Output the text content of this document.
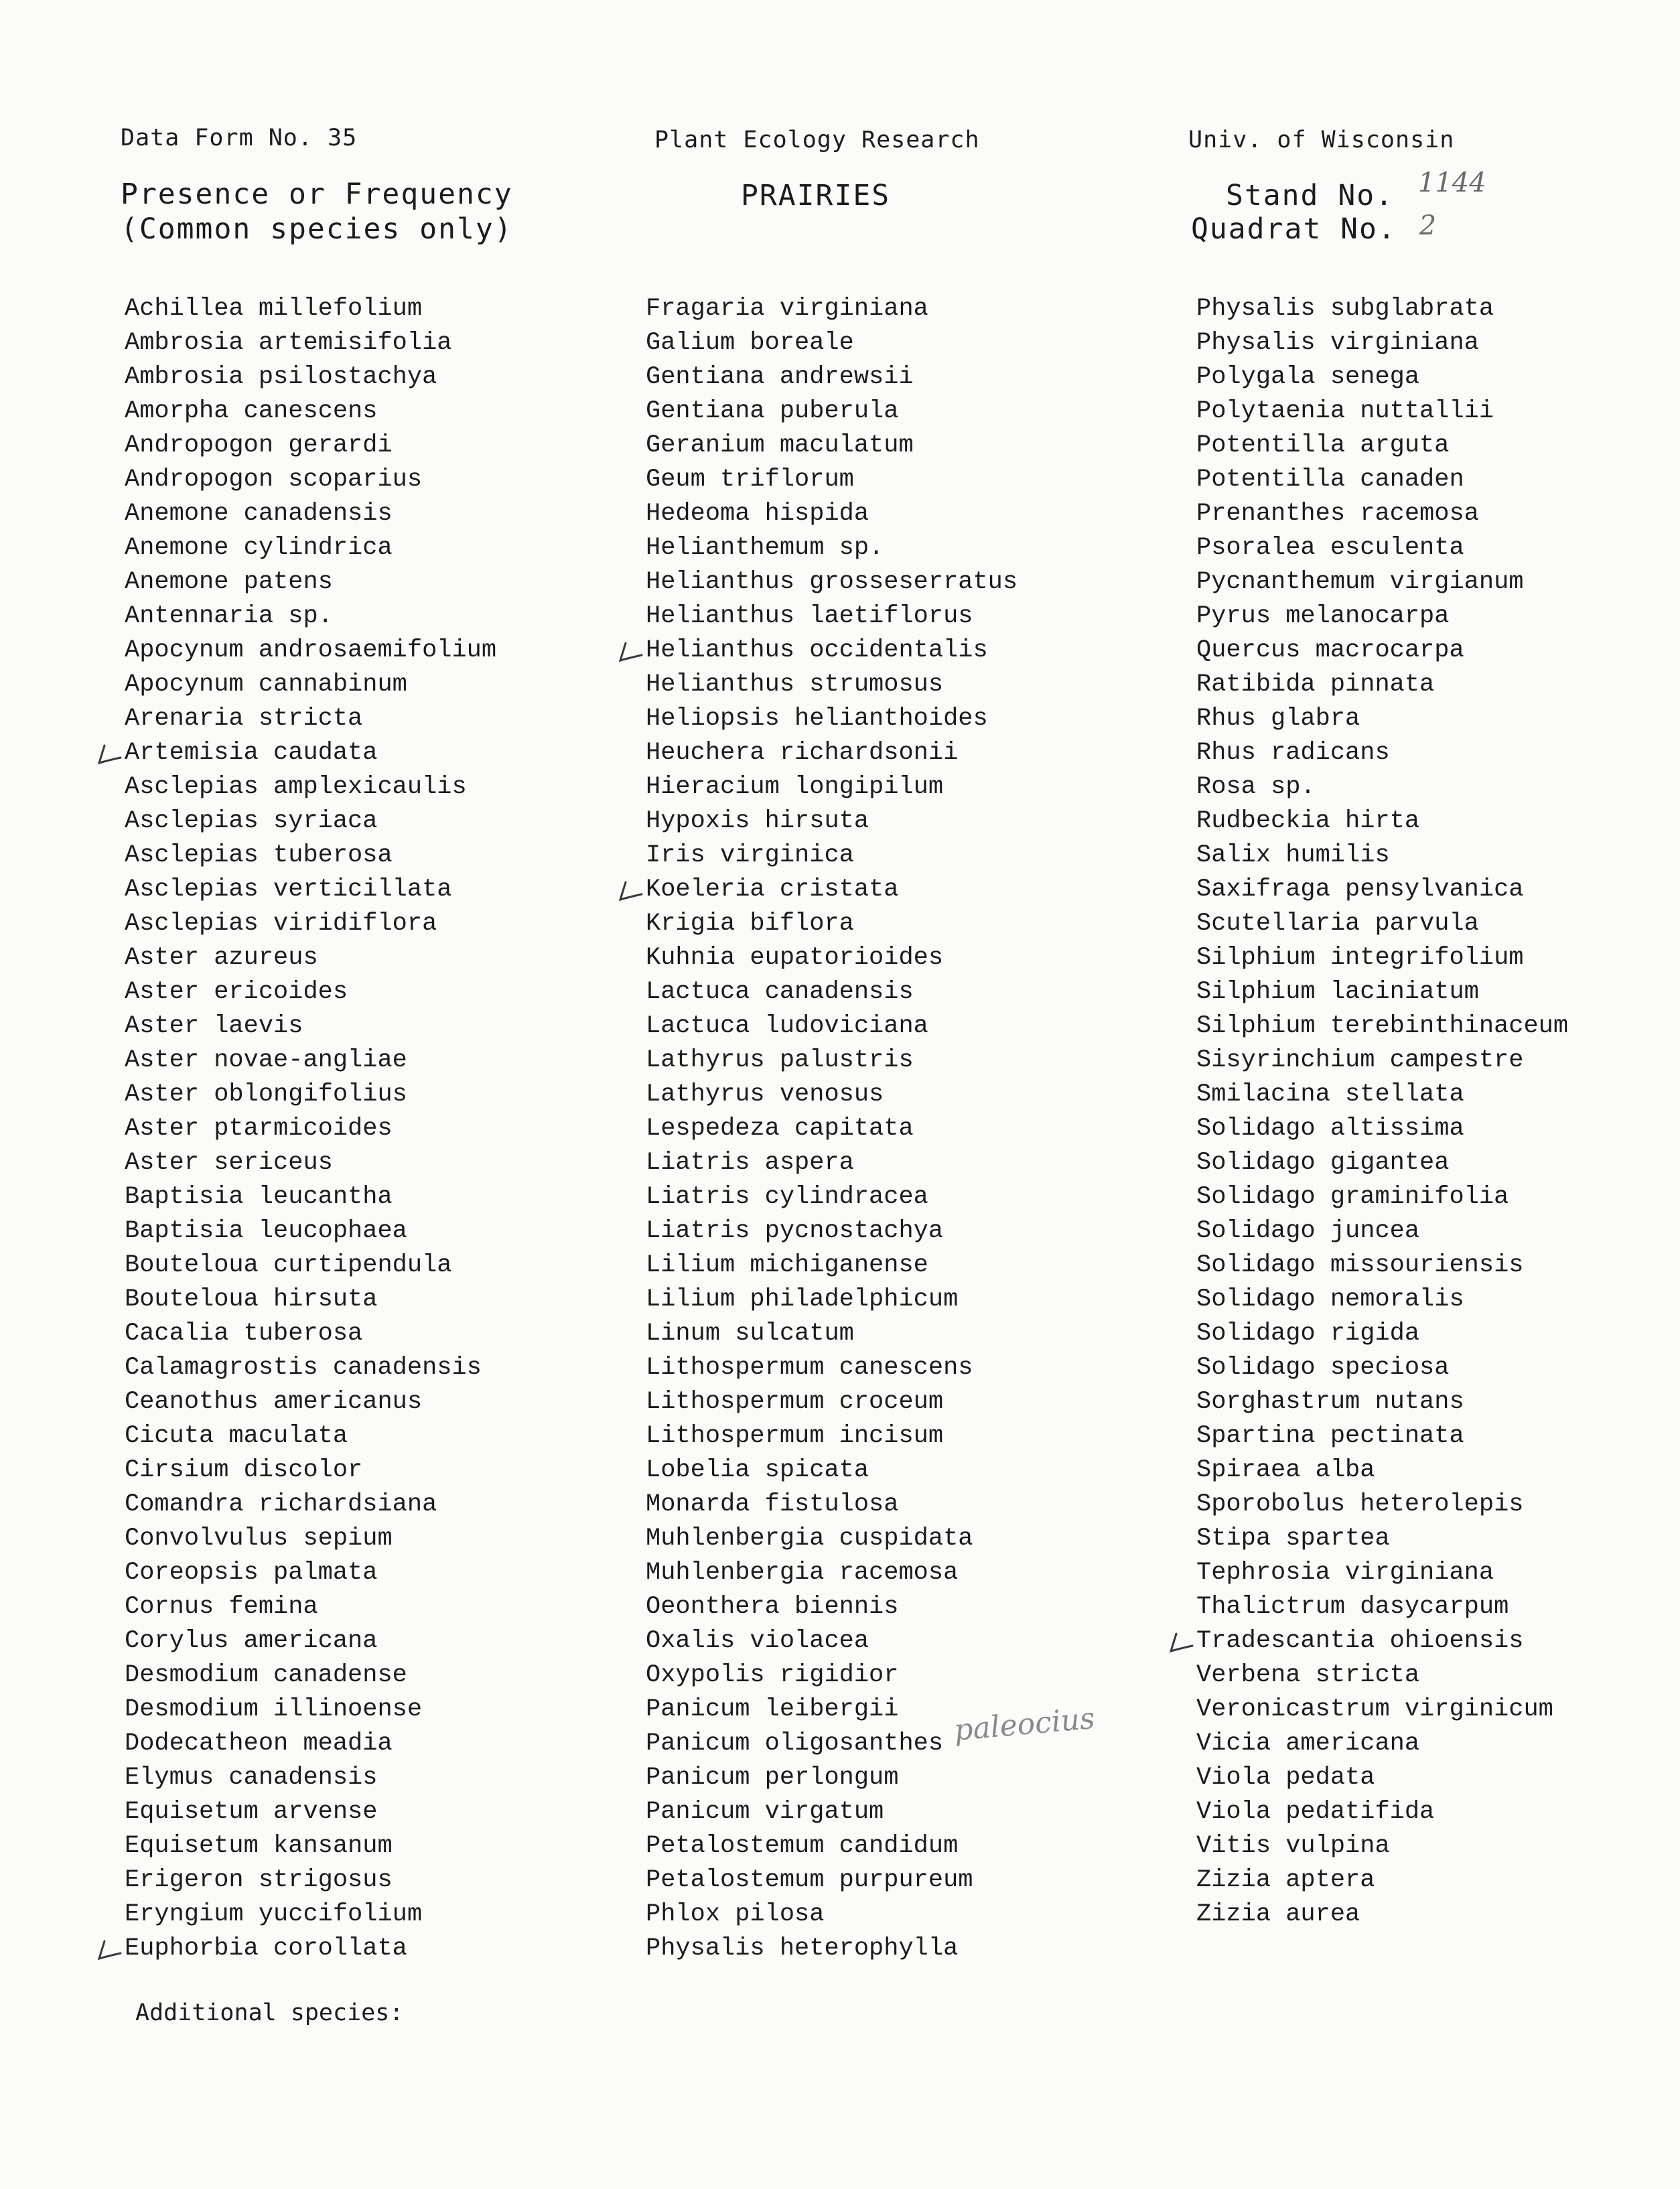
Data Form No. 35	Plant Ecology Research	Univ. of Wisconsin
Presence or Frequency
(Common species only)
PRAIRIES	Stand No. 1144
Quadrat No. 2
Achillea millefolium
Ambrosia artemisifolia
Ambrosia psilostachya
Amorpha canescens
Andropogon gerardi
Andropogon scoparius
Anemone canadensis
Anemone cylindrica
Anemone patens
Antennaria sp.
Apocynum androsaemifolium
Apocynum cannabinum
Arenaria stricta
Artemisia caudata
Asclepias amplexicaulis
Asclepias syriaca
Asclepias tuberosa
Asclepias verticillata
Asclepias viridiflora
Aster azureus
Aster ericoides
Aster laevis
Aster novae-angliae
Aster oblongifolius
Aster ptarmicoides
Aster sericeus
Baptisia leucantha
Baptisia leucophaea
Bouteloua curtipendula
Bouteloua hirsuta
Cacalia tuberosa
Calamagrostis canadensis
Ceanothus americanus
Cicuta maculata
Cirsium discolor
Comandra richardsiana
Convolvulus sepium
Coreopsis palmata
Cornus femina
Corylus americana
Desmodium canadense
Desmodium illinoense
Dodecatheon meadia
Elymus canadensis
Equisetum arvense
Equisetum kansanum
Erigeron strigosus
Eryngium yuccifolium
Euphorbia corollata
Fragaria virginiana
Galium boreale
Gentiana andrewsii
Gentiana puberula
Geranium maculatum
Geum triflorum
Hedeoma hispida
Helianthemum sp.
Helianthus grosseserratus
Helianthus laetiflorus
Helianthus occidentalis
Helianthus strumosus
Heliopsis helianthoides
Heuchera richardsonii
Hieracium longipilum
Hypoxis hirsuta
Iris virginica
Koeleria cristata
Krigia biflora
Kuhnia eupatorioides
Lactuca canadensis
Lactuca ludoviciana
Lathyrus palustris
Lathyrus venosus
Lespedeza capitata
Liatris aspera
Liatris cylindracea
Liatris pycnostachya
Lilium michiganense
Lilium philadelphicum
Linum sulcatum
Lithospermum canescens
Lithospermum croceum
Lithospermum incisum
Lobelia spicata
Monarda fistulosa
Muhlenbergia cuspidata
Muhlenbergia racemosa
Oeonthera biennis
Oxalis violacea
Oxypolis rigidior
Panicum leibergii
Panicum oligosanthes
Panicum perlongum
Panicum virgatum
Petalostemum candidum
Petalostemum purpureum
Phlox pilosa
Physalis heterophylla
Physalis subglabrata
Physalis virginiana
Polygala senega
Polytaenia nuttallii
Potentilla arguta
Potentilla canaden
Prenanthes racemosa
Psoralea esculenta
Pycnanthemum virgianum
Pyrus melanocarpa
Quercus macrocarpa
Ratibida pinnata
Rhus glabra
Rhus radicans
Rosa sp.
Rudbeckia hirta
Salix humilis
Saxifraga pensylvanica
Scutellaria parvula
Silphium integrifolium
Silphium laciniatum
Silphium terebinthinaceum
Sisyrinchium campestre
Smilacina stellata
Solidago altissima
Solidago gigantea
Solidago graminifolia
Solidago juncea
Solidago missouriensis
Solidago nemoralis
Solidago rigida
Solidago speciosa
Sorghastrum nutans
Spartina pectinata
Spiraea alba
Sporobolus heterolepis
Stipa spartea
Tephrosia virginiana
Thalictrum dasycarpum
Tradescantia ohioensis
Verbena stricta
Veronicastrum virginicum
Vicia americana
Viola pedata
Viola pedatifida
Vitis vulpina
Zizia aptera
Zizia aurea
paleocius
Additional species:
